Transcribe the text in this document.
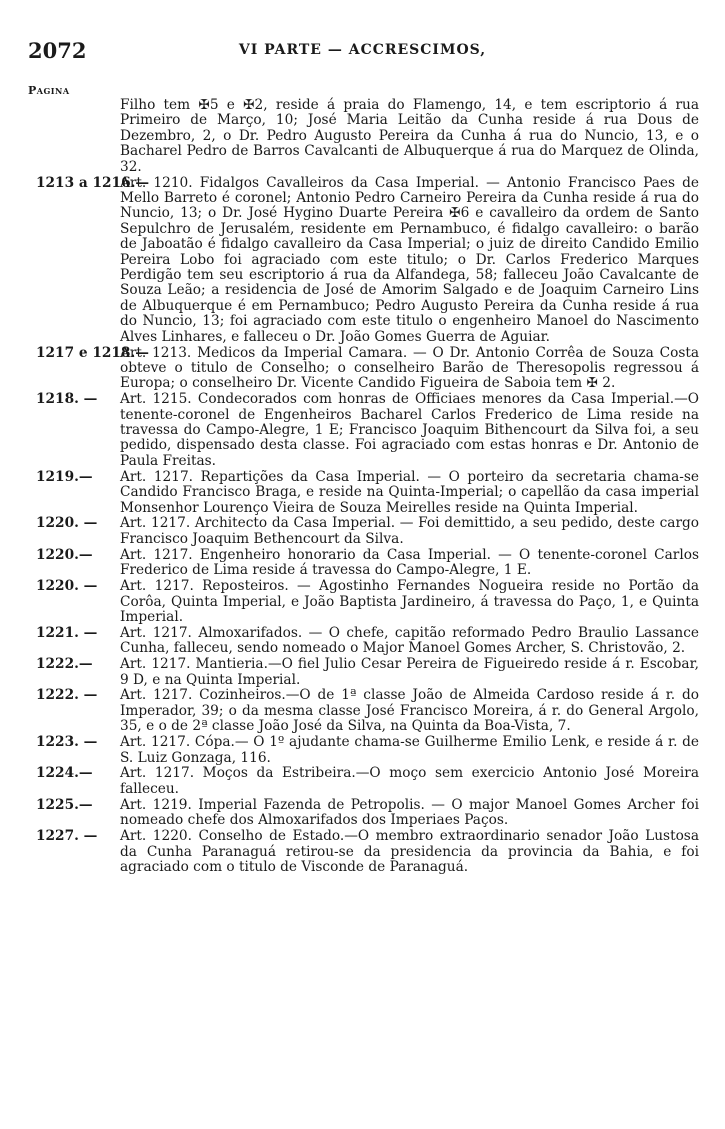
2072	VI PARTE — ACCRESCIMOS,
Pagina
Filho tem ✠5 e ✠2, reside á praia do Flamengo, 14, e tem escriptorio á rua Primeiro de Março, 10; José Maria Leitão da Cunha reside á rua Dous de Dezembro, 2, o Dr. Pedro Augusto Pereira da Cunha á rua do Nuncio, 13, e o Bacharel Pedro de Barros Cavalcanti de Albuquerque á rua do Marquez de Olinda, 32.
1213 a 1216.—
Art. 1210. Fidalgos Cavalleiros da Casa Imperial. — Antonio Francisco Paes de Mello Barreto é coronel; Antonio Pedro Carneiro Pereira da Cunha reside á rua do Nuncio, 13; o Dr. José Hygino Duarte Pereira ✠6 e cavalleiro da ordem de Santo Sepulchro de Jerusalém, residente em Pernambuco, é fidalgo cavalleiro: o barão de Jaboatão é fidalgo cavalleiro da Casa Imperial; o juiz de direito Candido Emilio Pereira Lobo foi agraciado com este titulo; o Dr. Carlos Frederico Marques Perdigão tem seu escriptorio á rua da Alfandega, 58; falleceu João Cavalcante de Souza Leão; a residencia de José de Amorim Salgado e de Joaquim Carneiro Lins de Albuquerque é em Pernambuco; Pedro Augusto Pereira da Cunha reside á rua do Nuncio, 13; foi agraciado com este titulo o engenheiro Manoel do Nascimento Alves Linhares, e falleceu o Dr. João Gomes Guerra de Aguiar.
1217 e 1218.—
Art. 1213. Medicos da Imperial Camara. — O Dr. Antonio Corrêa de Souza Costa obteve o titulo de Conselho; o conselheiro Barão de Theresopolis regressou á Europa; o conselheiro Dr. Vicente Candido Figueira de Saboia tem ✠ 2.
1218. — Art. 1215. Condecorados com honras de Officiaes menores da Casa Imperial.—O tenente-coronel de Engenheiros Bacharel Carlos Frederico de Lima reside na travessa do Campo-Alegre, 1 E; Francisco Joaquim Bithencourt da Silva foi, a seu pedido, dispensado desta classe. Foi agraciado com estas honras e Dr. Antonio de Paula Freitas.
1219.— Art. 1217. Repartições da Casa Imperial. — O porteiro da secretaria chama-se Candido Francisco Braga, e reside na Quinta-Imperial; o capellão da casa imperial Monsenhor Lourenço Vieira de Souza Meirelles reside na Quinta Imperial.
1220. — Art. 1217. Architecto da Casa Imperial. — Foi demittido, a seu pedido, deste cargo Francisco Joaquim Bethencourt da Silva.
1220.— Art. 1217. Engenheiro honorario da Casa Imperial. — O tenente-coronel Carlos Frederico de Lima reside á travessa do Campo-Alegre, 1 E.
1220. — Art. 1217. Reposteiros. — Agostinho Fernandes Nogueira reside no Portão da Corôa, Quinta Imperial, e João Baptista Jardineiro, á travessa do Paço, 1, e Quinta Imperial.
1221. — Art. 1217. Almoxarifados. — O chefe, capitão reformado Pedro Braulio Lassance Cunha, falleceu, sendo nomeado o Major Manoel Gomes Archer, S. Christovão, 2.
1222.— Art. 1217. Mantieria.—O fiel Julio Cesar Pereira de Figueiredo reside á r. Escobar, 9 D, e na Quinta Imperial.
1222. — Art. 1217. Cozinheiros.—O de 1ª classe João de Almeida Cardoso reside á r. do Imperador, 39; o da mesma classe José Francisco Moreira, á r. do General Argolo, 35, e o de 2ª classe João José da Silva, na Quinta da Boa-Vista, 7.
1223. — Art. 1217. Cópa.— O 1º ajudante chama-se Guilherme Emilio Lenk, e reside á r. de S. Luiz Gonzaga, 116.
1224.— Art. 1217. Moços da Estribeira.—O moço sem exercicio Antonio José Moreira falleceu.
1225.— Art. 1219. Imperial Fazenda de Petropolis. — O major Manoel Gomes Archer foi nomeado chefe dos Almoxarifados dos Imperiaes Paços.
1227. — Art. 1220. Conselho de Estado.—O membro extraordinario senador João Lustosa da Cunha Paranaguá retirou-se da presidencia da provincia da Bahia, e foi agraciado com o titulo de Visconde de Paranaguá.
